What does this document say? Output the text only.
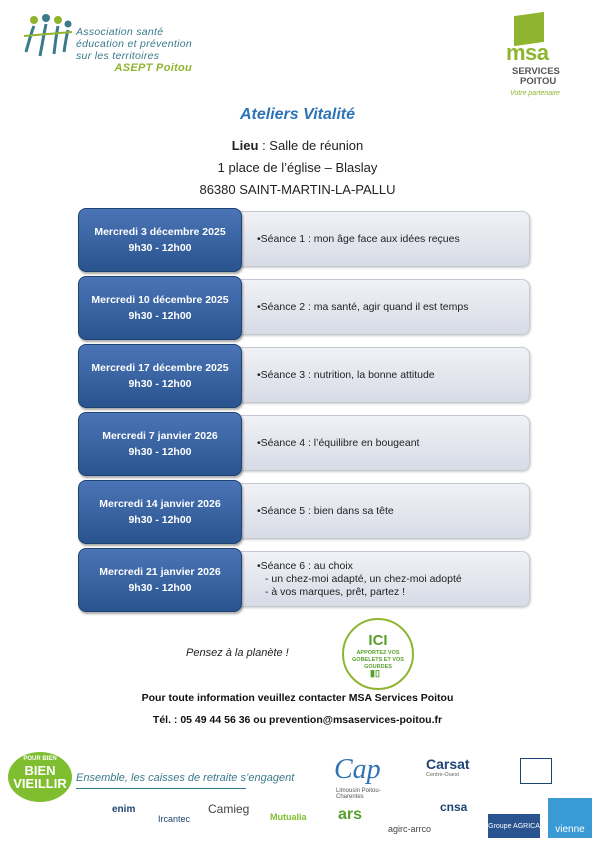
Association santé
éducation et prévention
sur les territoires
ASEPT Poitou
msa
SERVICES
POITOU
Votre partenaire
Ateliers Vitalité
Lieu : Salle de réunion
1 place de l’église – Blaslay
86380 SAINT-MARTIN-LA-PALLU
Mercredi 3 décembre 2025
9h30 - 12h00
•Séance 1 : mon âge face aux idées reçues
Mercredi 10 décembre 2025
9h30 - 12h00
•Séance 2 : ma santé, agir quand il est temps
Mercredi 17 décembre 2025
9h30 - 12h00
•Séance 3 : nutrition, la bonne attitude
Mercredi 7 janvier 2026
9h30 - 12h00
•Séance 4 : l’équilibre en bougeant
Mercredi 14 janvier 2026
9h30 - 12h00
•Séance 5 : bien dans sa tête
Mercredi 21 janvier 2026
9h30 - 12h00
•Séance 6 : au choix
- un chez-moi adapté, un chez-moi adopté
- à vos marques, prêt, partez !
Pensez à la planète !
ICI
APPORTEZ VOS GOBELETS ET VOS GOURDES
▮▯
Pour toute information veuillez contacter MSA Services Poitou
Tél. : 05 49 44 56 36 ou prevention@msaservices-poitou.fr
POUR BIEN
BIEN VIEILLIR Ensemble, les caisses de retraite s’engagent Cap
Limousin Poitou-Charentes
Carsat
Centre-Ouest
enim
Ircantec
Camieg
Mutualia ars
agirc-arrco
cnsa
Groupe AGRICA	vienne
